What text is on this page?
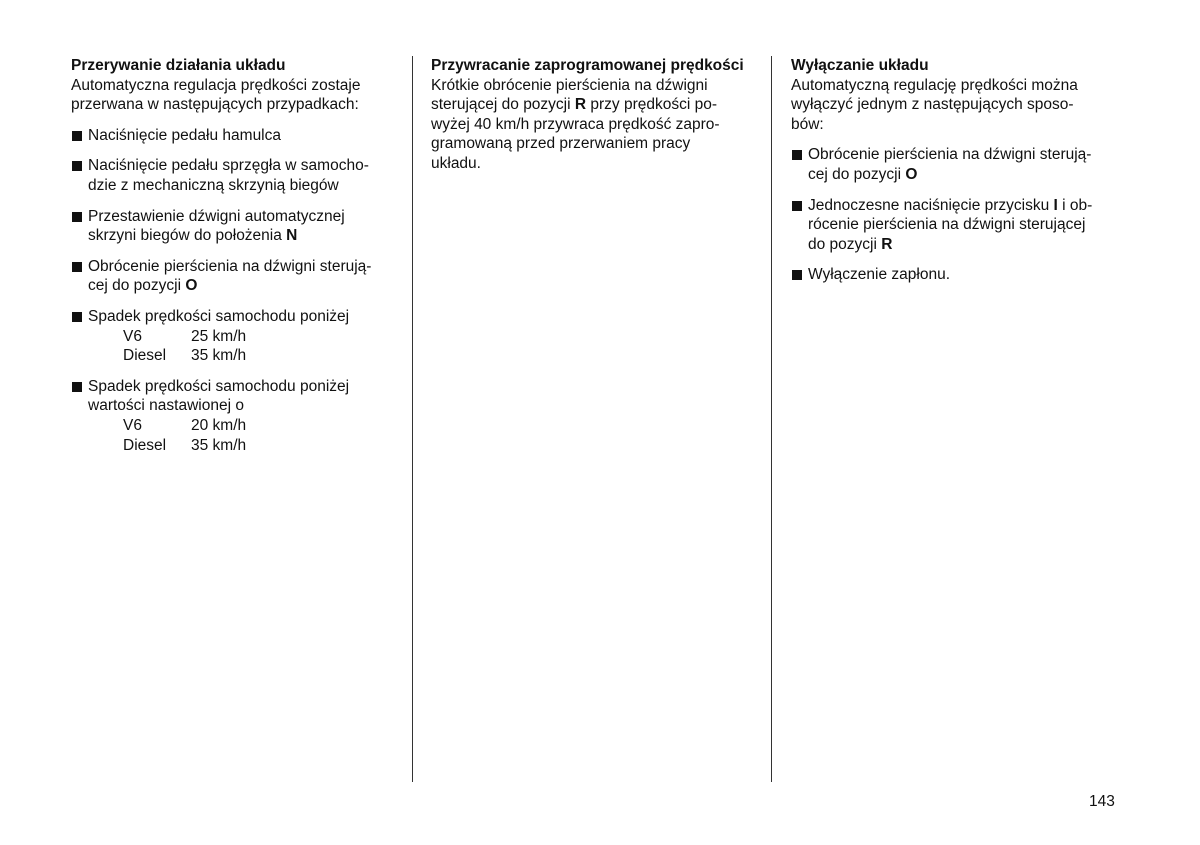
Przerywanie działania układu

Automatyczna regulacja prędkości zostaje
przerwana w następujących przypadkach:

Naciśnięcie pedału hamulca
Naciśnięcie pedału sprzęgła w samocho-
dzie z mechaniczną skrzynią biegów
Przestawienie dźwigni automatycznej
skrzyni biegów do położenia N
Obrócenie pierścienia na dźwigni sterują-
cej do pozycji O
Spadek prędkości samochodu poniżej
V6	25 km/h
Diesel	35 km/h
Spadek prędkości samochodu poniżej
wartości nastawionej o
V6	20 km/h
Diesel	35 km/h

Przywracanie zaprogramowanej prędkości

Krótkie obrócenie pierścienia na dźwigni
sterującej do pozycji R przy prędkości po-
wyżej 40 km/h przywraca prędkość zapro-
gramowaną przed przerwaniem pracy
układu.

Wyłączanie układu

Automatyczną regulację prędkości można
wyłączyć jednym z następujących sposo-
bów:

Obrócenie pierścienia na dźwigni sterują-
cej do pozycji O
Jednoczesne naciśnięcie przycisku I i ob-
rócenie pierścienia na dźwigni sterującej
do pozycji R
Wyłączenie zapłonu.
143
